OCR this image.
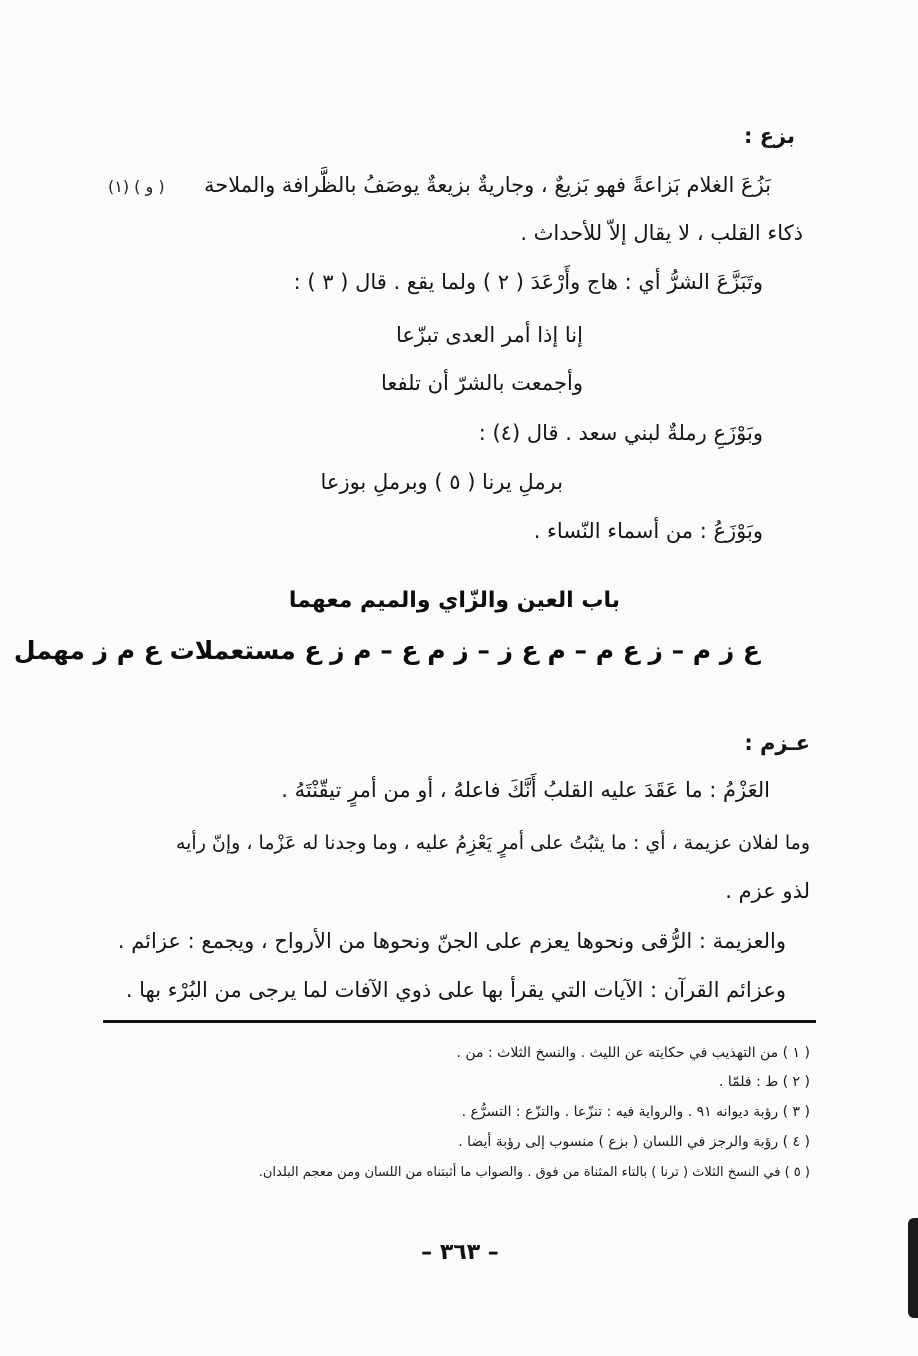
بزع :
بَزُعَ الغلام بَزاعةً فهو بَزيعٌ ، وجاريةٌ بزيعةٌ يوصَفُ بالظَّرافة والملاحة
( و ) (١)
ذكاء القلب ، لا يقال إلاّ للأحداث .
وتَبَزَّعَ الشرُّ أي : هاج وأَرْعَدَ ( ٢ ) ولما يقع . قال ( ٣ ) :
إنا إذا أمر العدى تبزّعا
وأجمعت بالشرّ أن تلفعا
وبَوْزَعِ رملةٌ لبني سعد . قال (٤) :
برملِ يرنا ( ٥ ) وبرملِ بوزعا
وبَوْزَعُ : من أسماء النّساء .
باب العين والزّاي والميم معهما
ع ز م – ز ع م – م ع ز – ز م ع – م ز ع مستعملات ع م ز مهمل
عـزم :
العَزْمُ : ما عَقَدَ عليه القلبُ أَنَّكَ فاعلهُ ، أو من أمرٍ تيقّنْتَهُ .
وما لفلان عزيمة ، أي : ما يثبُتُ على أمرٍ يَعْزِمُ عليه ، وما وجدنا له عَزْما ، وإنّ رأيه
لذو عزم .
والعزيمة : الرُّقى ونحوها يعزم على الجنّ ونحوها من الأرواح ، ويجمع : عزائم .
وعزائم القرآن : الآيات التي يقرأ بها على ذوي الآفات لما يرجى من البُرْء بها .
( ١ ) من التهذيب في حكايته عن الليث . والنسخ الثلاث : من .
( ٢ ) ط : فلمّا .
( ٣ ) رؤبة ديوانه ٩١ . والرواية فيه : تنزّعا . والتزّع : التسرُّع .
( ٤ ) رؤبة والرجز في اللسان ( بزع ) منسوب إلى رؤبة أيضا .
( ٥ ) في النسخ الثلاث ( ترنا ) بالتاء المثناة من فوق . والصواب ما أثبتناه من اللسان ومن معجم البلدان.
– ٣٦٣ –
